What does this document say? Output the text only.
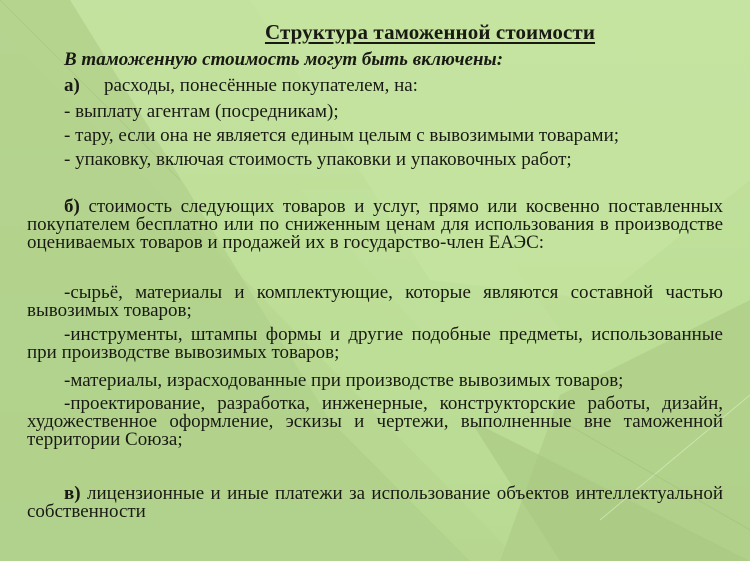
Структура таможенной стоимости
В таможенную стоимость могут быть включены:
а) расходы, понесённые покупателем, на:
- выплату агентам (посредникам);
- тару, если она не является единым целым с вывозимыми товарами;
- упаковку, включая стоимость упаковки и упаковочных работ;
б) стоимость следующих товаров и услуг, прямо или косвенно поставленных покупателем бесплатно или по сниженным ценам для использования в производстве оцениваемых товаров и продажей их в государство-член ЕАЭС:
-сырьё, материалы и комплектующие, которые являются составной частью вывозимых товаров;
-инструменты, штампы формы и другие подобные предметы, использованные при производстве вывозимых товаров;
-материалы, израсходованные при производстве вывозимых товаров;
-проектирование, разработка, инженерные, конструкторские работы, дизайн, художественное оформление, эскизы и чертежи, выполненные вне таможенной территории Союза;
в) лицензионные и иные платежи за использование объектов интеллектуальной собственности
